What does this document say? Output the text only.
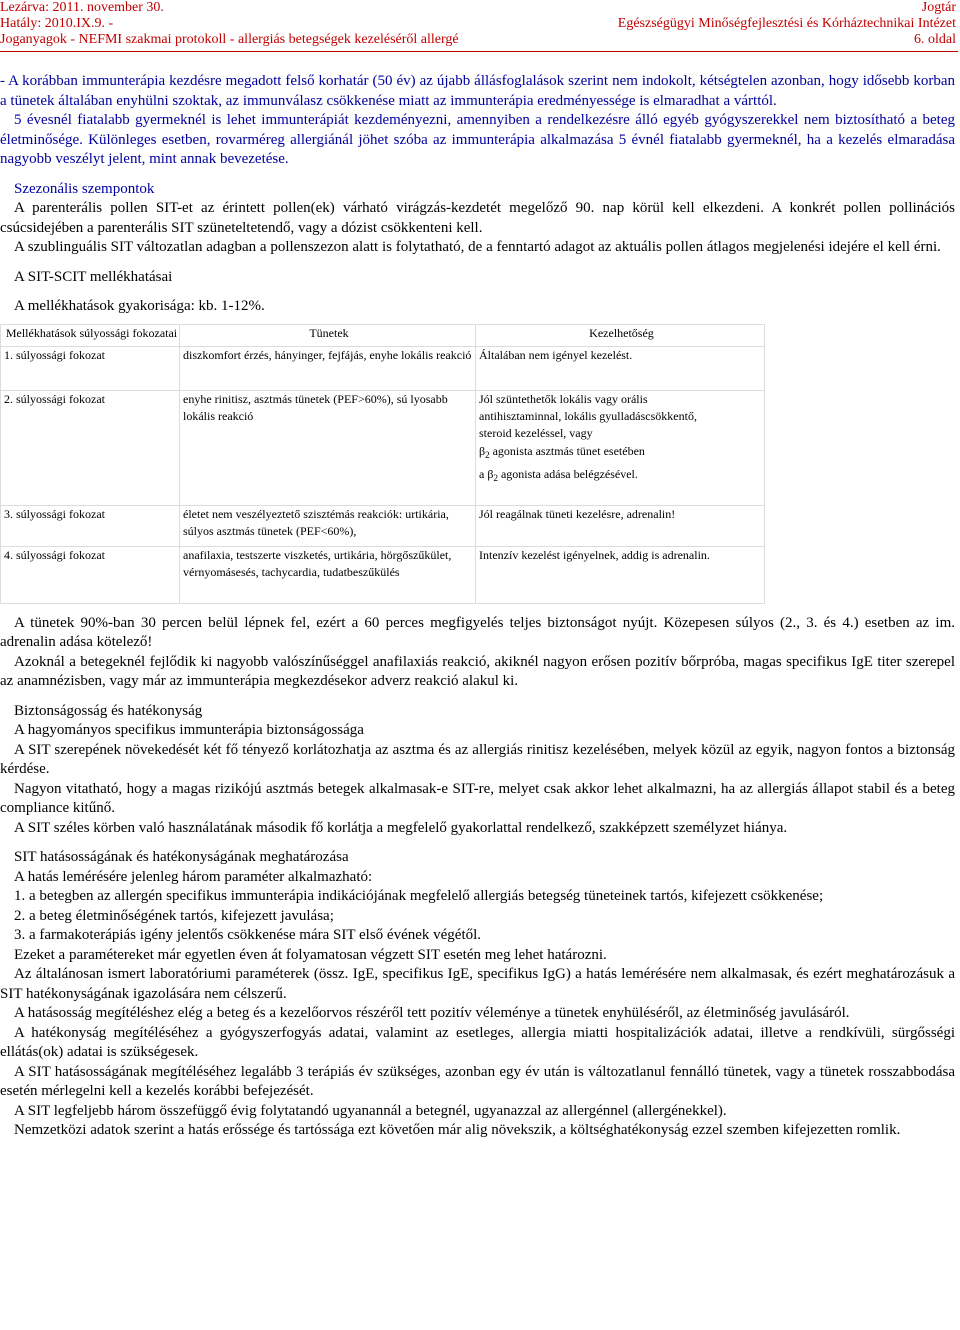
Lezárva: 2011. november 30.	Jogtár
Hatály: 2010.IX.9. -	Egészségügyi Minőségfejlesztési és Kórháztechnikai Intézet
Joganyagok - NEFMI szakmai protokoll - allergiás betegségek kezeléséről allergé	6. oldal

- A korábban immunterápia kezdésre megadott felső korhatár (50 év) az újabb állásfoglalások szerint nem indokolt, kétségtelen azonban, hogy idősebb korban a tünetek általában enyhülni szoktak, az immunválasz csökkenése miatt az immunterápia eredményessége is elmaradhat a várttól.

5 évesnél fiatalabb gyermeknél is lehet immunterápiát kezdeményezni, amennyiben a rendelkezésre álló egyéb gyógyszerekkel nem biztosítható a beteg életminősége. Különleges esetben, rovarméreg allergiánál jöhet szóba az immunterápia alkalmazása 5 évnél fiatalabb gyermeknél, ha a kezelés elmaradása nagyobb veszélyt jelent, mint annak bevezetése.

Szezonális szempontok

A parenterális pollen SIT-et az érintett pollen(ek) várható virágzás-kezdetét megelőző 90. nap körül kell elkezdeni. A konkrét pollen pollinációs csúcsidejében a parenterális SIT szüneteltetendő, vagy a dózist csökkenteni kell.

A szublinguális SIT változatlan adagban a pollenszezon alatt is folytatható, de a fenntartó adagot az aktuális pollen átlagos megjelenési idejére el kell érni.

A SIT-SCIT mellékhatásai

A mellékhatások gyakorisága: kb. 1-12%.

Mellékhatások súlyossági fokozatai	Tünetek	Kezelhetőség
1. súlyossági fokozat	diszkomfort érzés, hányinger, fejfájás, enyhe lokális reakció	Általában nem igényel kezelést.
2. súlyossági fokozat	enyhe rinitisz, asztmás tünetek (PEF>60%), sú lyosabb lokális reakció	Jól szüntethetők lokális vagy orális
antihisztaminnal, lokális gyulladáscsökkentő,
steroid kezeléssel, vagy
$\beta_2$ agonista asztmás tünet esetében
a $\beta_2$ agonista adása belégzésével.

3. súlyossági fokozat	életet nem veszélyeztető szisztémás reakciók: urtikária, súlyos asztmás tünetek (PEF<60%),	Jól reagálnak tüneti kezelésre, adrenalin!
4. súlyossági fokozat	anafilaxia, testszerte viszketés, urtikária, hörgőszűkület, vérnyomásesés, tachycardia, tudatbeszűkülés	Intenzív kezelést igényelnek, addig is adrenalin.

A tünetek 90%-ban 30 percen belül lépnek fel, ezért a 60 perces megfigyelés teljes biztonságot nyújt. Közepesen súlyos (2., 3. és 4.) esetben az im. adrenalin adása kötelező!

Azoknál a betegeknél fejlődik ki nagyobb valószínűséggel anafilaxiás reakció, akiknél nagyon erősen pozitív bőrpróba, magas specifikus IgE titer szerepel az anamnézisben, vagy már az immunterápia megkezdésekor adverz reakció alakul ki.

Biztonságosság és hatékonyság

A hagyományos specifikus immunterápia biztonságossága

A SIT szerepének növekedését két fő tényező korlátozhatja az asztma és az allergiás rinitisz kezelésében, melyek közül az egyik, nagyon fontos a biztonság kérdése.

Nagyon vitatható, hogy a magas rizikójú asztmás betegek alkalmasak-e SIT-re, melyet csak akkor lehet alkalmazni, ha az allergiás állapot stabil és a beteg compliance kitűnő.

A SIT széles körben való használatának második fő korlátja a megfelelő gyakorlattal rendelkező, szakképzett személyzet hiánya.

SIT hatásosságának és hatékonyságának meghatározása

A hatás lemérésére jelenleg három paraméter alkalmazható:

1. a betegben az allergén specifikus immunterápia indikációjának megfelelő allergiás betegség tüneteinek tartós, kifejezett csökkenése;

2. a beteg életminőségének tartós, kifejezett javulása;

3. a farmakoterápiás igény jelentős csökkenése mára SIT első évének végétől.

Ezeket a paramétereket már egyetlen éven át folyamatosan végzett SIT esetén meg lehet határozni.

Az általánosan ismert laboratóriumi paraméterek (össz. IgE, specifikus IgE, specifikus IgG) a hatás lemérésére nem alkalmasak, és ezért meghatározásuk a SIT hatékonyságának igazolására nem célszerű.

A hatásosság megítéléshez elég a beteg és a kezelőorvos részéről tett pozitív véleménye a tünetek enyhüléséről, az életminőség javulásáról.

A hatékonyság megítéléséhez a gyógyszerfogyás adatai, valamint az esetleges, allergia miatti hospitalizációk adatai, illetve a rendkívüli, sürgősségi ellátás(ok) adatai is szükségesek.

A SIT hatásosságának megítéléséhez legalább 3 terápiás év szükséges, azonban egy év után is változatlanul fennálló tünetek, vagy a tünetek rosszabbodása esetén mérlegelni kell a kezelés korábbi befejezését.

A SIT legfeljebb három összefüggő évig folytatandó ugyanannál a betegnél, ugyanazzal az allergénnel (allergénekkel).

Nemzetközi adatok szerint a hatás erőssége és tartóssága ezt követően már alig növekszik, a költséghatékonyság ezzel szemben kifejezetten romlik.
